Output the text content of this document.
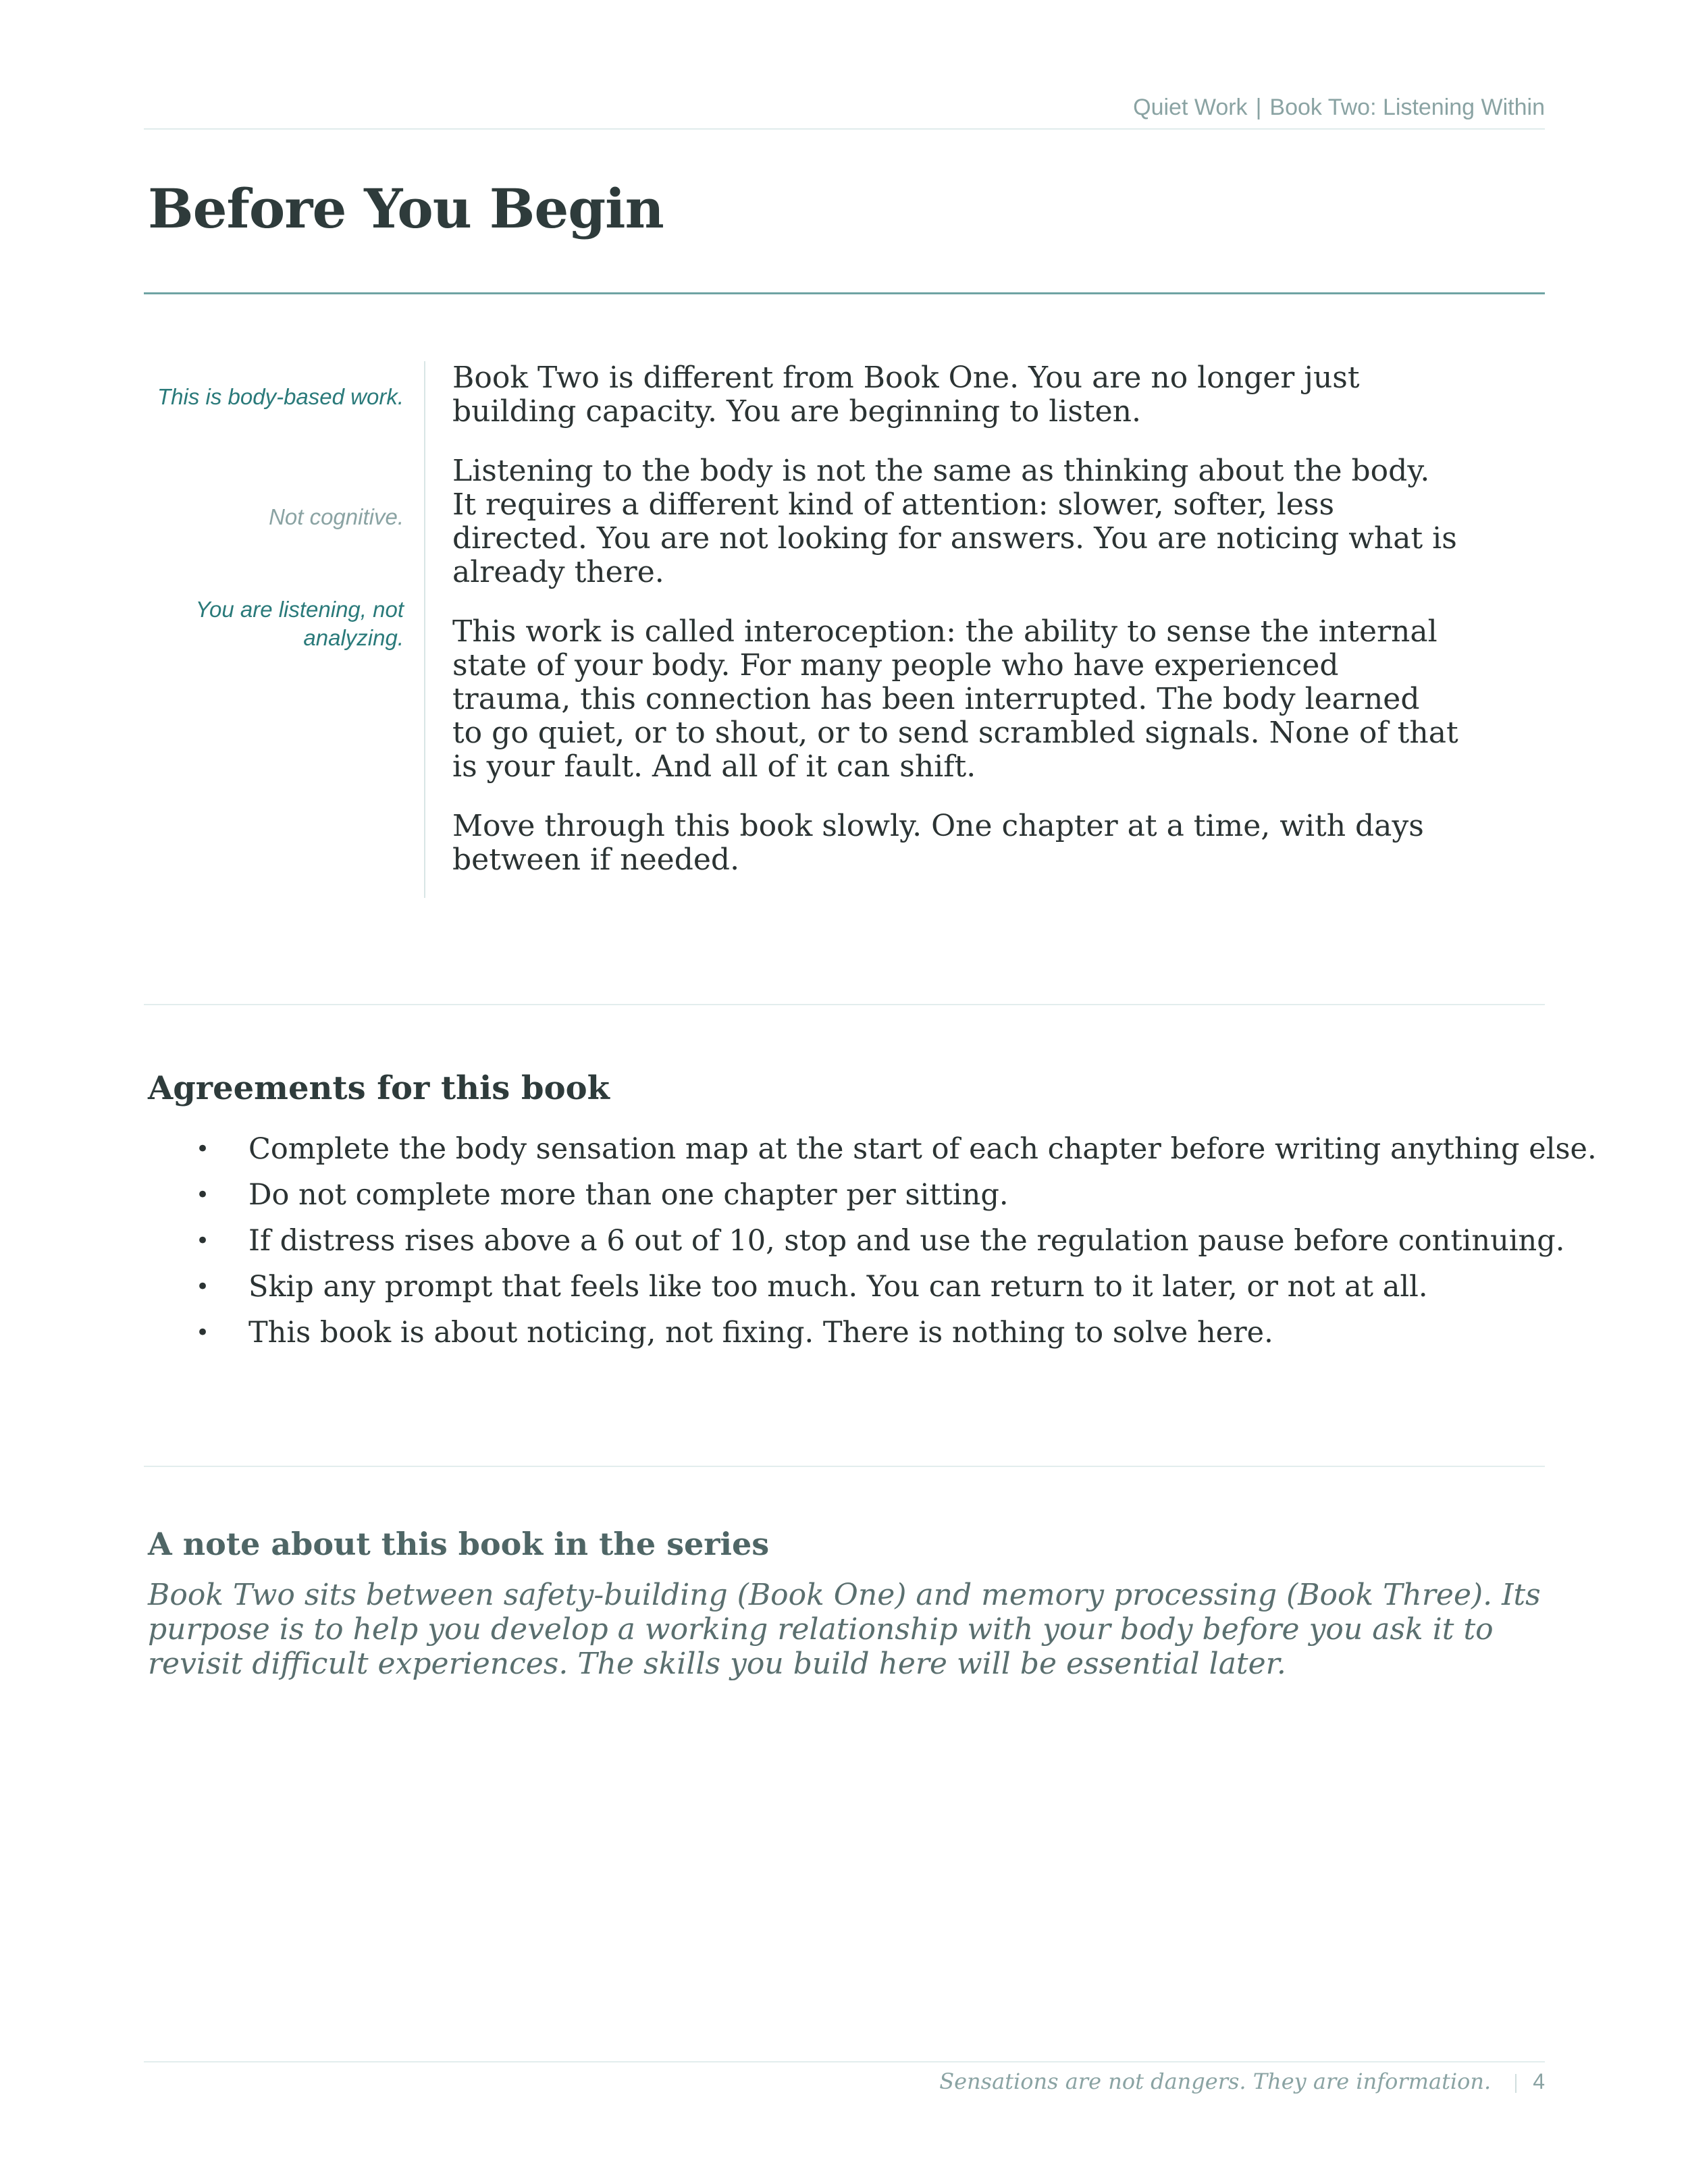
Quiet Work | Book Two: Listening Within
Before You Begin
This is body-based work.
Not cognitive.
You are listening, not analyzing.

Book Two is different from Book One. You are no longer just building capacity. You are beginning to listen.

Listening to the body is not the same as thinking about the body. It requires a different kind of attention: slower, softer, less directed. You are not looking for answers. You are noticing what is already there.

This work is called interoception: the ability to sense the internal state of your body. For many people who have experienced trauma, this connection has been interrupted. The body learned to go quiet, or to shout, or to send scrambled signals. None of that is your fault. And all of it can shift.

Move through this book slowly. One chapter at a time, with days between if needed.

Agreements for this book
• Complete the body sensation map at the start of each chapter before writing anything else.
• Do not complete more than one chapter per sitting.
• If distress rises above a 6 out of 10, stop and use the regulation pause before continuing.
• Skip any prompt that feels like too much. You can return to it later, or not at all.
• This book is about noticing, not fixing. There is nothing to solve here.
A note about this book in the series

Book Two sits between safety-building (Book One) and memory processing (Book Three). Its purpose is to help you develop a working relationship with your body before you ask it to revisit difficult experiences. The skills you build here will be essential later.

Sensations are not dangers. They are information. 4
